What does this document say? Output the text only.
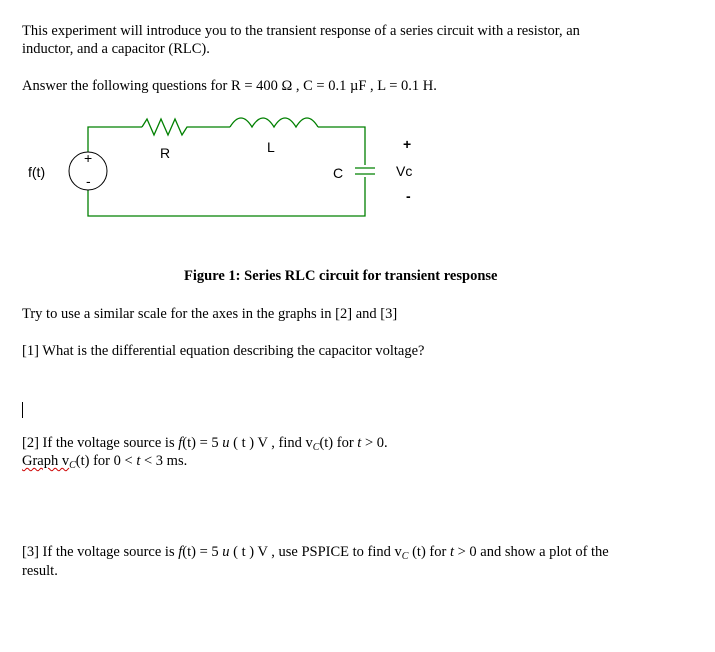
This experiment will introduce you to the transient response of a series circuit with a resistor, an
inductor, and a capacitor (RLC).
Answer the following questions for R = 400 Ω , C = 0.1 µF , L = 0.1 H.
+
-
f(t)
R	L
C
+
Vc
-
Figure 1: Series RLC circuit for transient response
Try to use a similar scale for the axes in the graphs in [2] and [3]
[1] What is the differential equation describing the capacitor voltage?
[2] If the voltage source is f(t) = 5 u ( t ) V , find $v_C(t)$ for t > 0.
Graph $v_C(t)$ for 0 < t < 3 ms.
[3] If the voltage source is f(t) = 5 u ( t ) V , use PSPICE to find $v_C$ (t) for t > 0 and show a plot of the
result.
